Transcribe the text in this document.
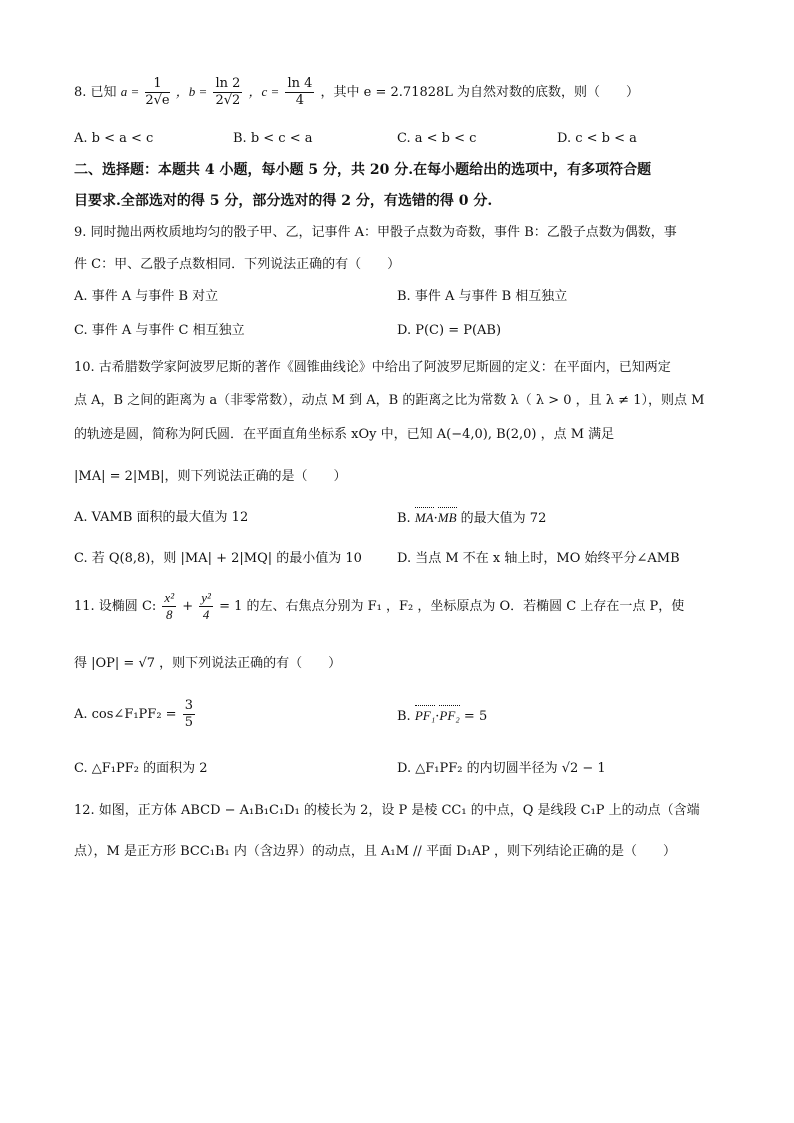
8. 已知 $a = \frac{1}{2√e}$ ，$b = \frac{\ln 2}{2√2}$ ，$c = \frac{\ln 4}{4}$ ，其中 e = 2.71828L 为自然对数的底数，则（　　）
A. b < a < c	B. b < c < a	C. a < b < c	D. c < b < a
二、选择题：本题共 4 小题，每小题 5 分，共 20 分.在每小题给出的选项中，有多项符合题
目要求.全部选对的得 5 分，部分选对的得 2 分，有选错的得 0 分.
9. 同时抛出两枚质地均匀的骰子甲、乙，记事件 A：甲骰子点数为奇数，事件 B：乙骰子点数为偶数，事
件 C：甲、乙骰子点数相同．下列说法正确的有（　　）
A. 事件 A 与事件 B 对立	B. 事件 A 与事件 B 相互独立
C. 事件 A 与事件 C 相互独立	D. P(C) = P(AB)
10. 古希腊数学家阿波罗尼斯的著作《圆锥曲线论》中给出了阿波罗尼斯圆的定义：在平面内，已知两定
点 A，B 之间的距离为 a（非零常数），动点 M 到 A，B 的距离之比为常数 λ（ λ > 0 ，且 λ ≠ 1），则点 M
的轨迹是圆，简称为阿氏圆．在平面直角坐标系 xOy 中，已知 A(−4,0), B(2,0) ，点 M 满足
|MA| = 2|MB|，则下列说法正确的是（　　）
A. VAMB 面积的最大值为 12	B. MA·MB 的最大值为 72
C. 若 Q(8,8)，则 |MA| + 2|MQ| 的最小值为 10	D. 当点 M 不在 x 轴上时，MO 始终平分∠AMB
11. 设椭圆 C: $\frac{\text{x²}}{8} + \frac{\text{y²}}{4} = 1$ 的左、右焦点分别为 F₁ ，F₂ ，坐标原点为 O．若椭圆 C 上存在一点 P，使
得 |OP| = √7 ，则下列说法正确的有（　　）
A. cos∠F₁PF₂ = $\frac{3}{5}$	B. PF₁·PF₂ = 5
C. △F₁PF₂ 的面积为 2	D. △F₁PF₂ 的内切圆半径为 √2 − 1
12. 如图，正方体 ABCD − A₁B₁C₁D₁ 的棱长为 2，设 P 是棱 CC₁ 的中点，Q 是线段 C₁P 上的动点（含端
点），M 是正方形 BCC₁B₁ 内（含边界）的动点，且 A₁M // 平面 D₁AP ，则下列结论正确的是（　　）
